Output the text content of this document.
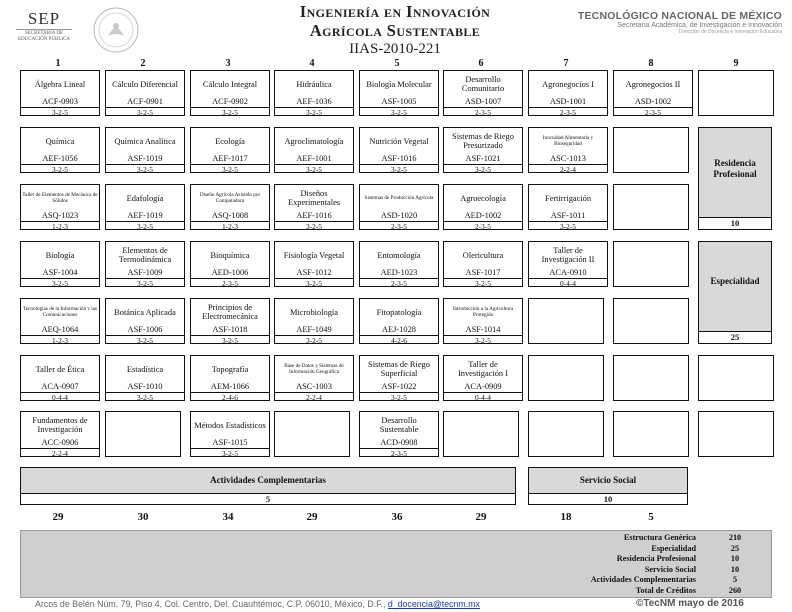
SEP
SECRETARÍA DE
EDUCACIÓN PÚBLICA
Ingeniería en Innovación
Agrícola Sustentable
IIAS-2010-221
TECNOLÓGICO NACIONAL DE MÉXICO
Secretaría Académica, de Investigación e Innovación
Dirección de Docencia e Innovación Educativa
1	2	3	4	5	6	7	8	9
Álgebra Lineal
ACF-0903
3-2-5
Cálculo Diferencial
ACF-0901
3-2-5
Cálculo Integral
ACF-0902
3-2-5
Hidráulica
AEF-1036
3-2-5
Biología Molecular
ASF-1005
3-2-5
Desarrollo Comunitario
ASD-1007
2-3-5
Agronegocios I
ASD-1001
2-3-5
Agronegocios II
ASD-1002
2-3-5
Química
AEF-1056
3-2-5
Química Analítica
ASF-1019
3-2-5
Ecología
AEF-1017
3-2-5
Agroclimatología
AEF-1001
3-2-5
Nutrición Vegetal
ASF-1016
3-2-5
Sistemas de Riego Presurizado
ASF-1021
3-2-5
Inocuidad Alimentaria y Bioseguridad
ASC-1013
2-2-4
Taller de Elementos de Mecánica de Sólidos
ASQ-1023
1-2-3
Edafología
AEF-1019
3-2-5
Diseño Agrícola Asistido por Computadora
ASQ-1008
1-2-3
Diseños Experimentales
AEF-1016
3-2-5
Sistemas de Producción Agrícola
ASD-1020
2-3-5
Agroecología
AED-1002
2-3-5
Fertirrigación
ASF-1011
3-2-5
Biología
ASF-1004
3-2-5
Elementos de Termodinámica
ASF-1009
3-2-5
Bioquímica
AED-1006
2-3-5
Fisiología Vegetal
ASF-1012
3-2-5
Entomología
AED-1023
2-3-5
Olericultura
ASF-1017
3-2-5
Taller de Investigación II
ACA-0910
0-4-4
Tecnologías de la Información y las Comunicaciones
AEQ-1064
1-2-3
Botánica Aplicada
ASF-1006
3-2-5
Principios de Electromecánica
ASF-1018
3-2-5
Microbiología
AEF-1049
3-2-5
Fitopatología
AEJ-1028
4-2-6
Introducción a la Agricultura Protegida
ASF-1014
3-2-5
Taller de Ética
ACA-0907
0-4-4
Estadística
ASF-1010
3-2-5
Topografía
AEM-1066
2-4-6
Base de Datos y Sistemas de Información Geográfica
ASC-1003
2-2-4
Sistemas de Riego Superficial
ASF-1022
3-2-5
Taller de Investigación I
ACA-0909
0-4-4
Fundamentos de Investigación
ACC-0906
2-2-4
Métodos Estadísticos
ASF-1015
3-2-5
Desarrollo Sustentable
ACD-0908
2-3-5
Residencia Profesional
10
Especialidad
25
Actividades Complementarias
5
Servicio Social
10
29	30	34	29	36	29	18	5
Estructura Genérica	210
Especialidad	25
Residencia Profesional	10
Servicio Social	10
Actividades Complementarias	5
Total de Créditos	260
Arcos de Belén Núm. 79, Piso 4, Col. Centro, Del. Cuauhtémoc, C.P. 06010, México, D.F., d_docencia@tecnm.mx	©TecNM mayo de 2016
